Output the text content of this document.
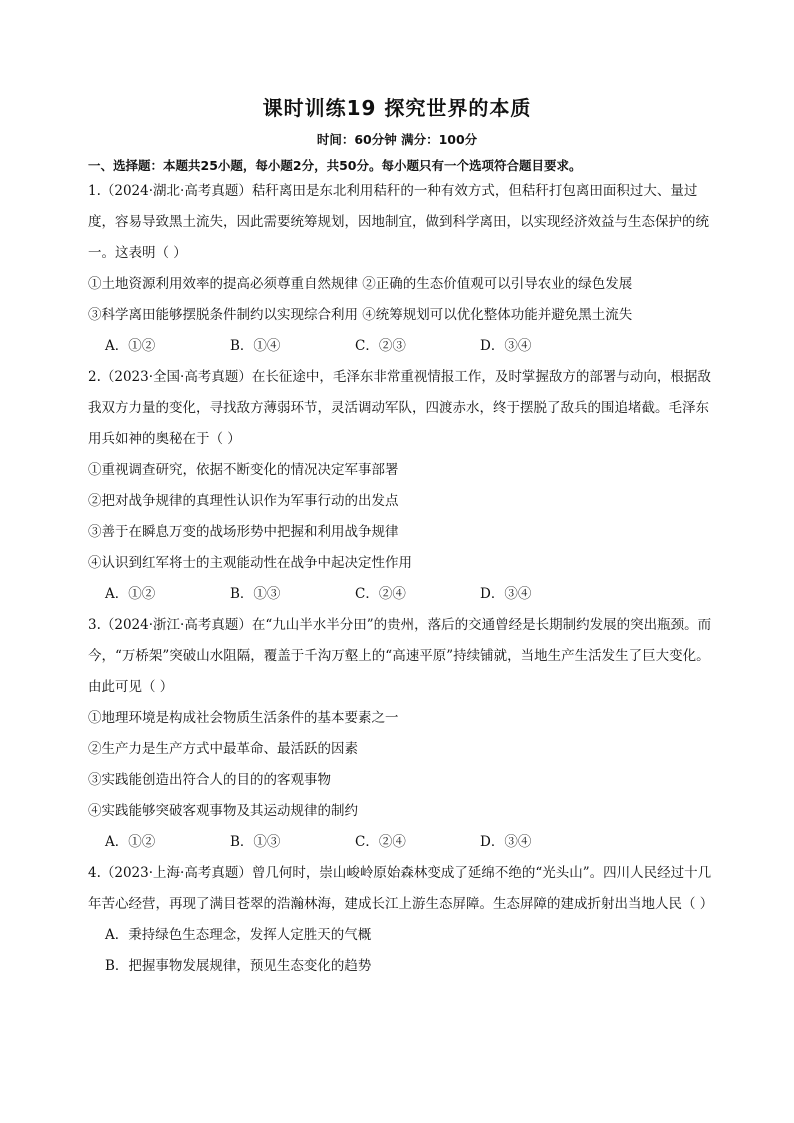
课时训练19 探究世界的本质
时间：60分钟 满分：100分
一、选择题：本题共25小题，每小题2分，共50分。每小题只有一个选项符合题目要求。

1.（2024·湖北·高考真题）秸秆离田是东北利用秸秆的一种有效方式，但秸秆打包离田面积过大、量过度，容易导致黑土流失，因此需要统筹规划，因地制宜，做到科学离田，以实现经济效益与生态保护的统一。这表明（ ）

①土地资源利用效率的提高必须尊重自然规律 ②正确的生态价值观可以引导农业的绿色发展

③科学离田能够摆脱条件制约以实现综合利用 ④统筹规划可以优化整体功能并避免黑土流失

A．①②	B．①④	C．②③	D．③④

2.（2023·全国·高考真题）在长征途中，毛泽东非常重视情报工作，及时掌握敌方的部署与动向，根据敌我双方力量的变化，寻找敌方薄弱环节，灵活调动军队，四渡赤水，终于摆脱了敌兵的围追堵截。毛泽东用兵如神的奥秘在于（ ）

①重视调查研究，依据不断变化的情况决定军事部署

②把对战争规律的真理性认识作为军事行动的出发点

③善于在瞬息万变的战场形势中把握和利用战争规律

④认识到红军将士的主观能动性在战争中起决定性作用

A．①②	B．①③	C．②④	D．③④

3.（2024·浙江·高考真题）在“九山半水半分田”的贵州，落后的交通曾经是长期制约发展的突出瓶颈。而今，“万桥架”突破山水阻隔，覆盖于千沟万壑上的“高速平原”持续铺就，当地生产生活发生了巨大变化。由此可见（ ）

①地理环境是构成社会物质生活条件的基本要素之一

②生产力是生产方式中最革命、最活跃的因素

③实践能创造出符合人的目的的客观事物

④实践能够突破客观事物及其运动规律的制约

A．①②	B．①③	C．②④	D．③④

4.（2023·上海·高考真题）曾几何时，崇山峻岭原始森林变成了延绵不绝的“光头山”。四川人民经过十几年苦心经营，再现了满目苍翠的浩瀚林海，建成长江上游生态屏障。生态屏障的建成折射出当地人民（ ）

A．秉持绿色生态理念，发挥人定胜天的气概

B．把握事物发展规律，预见生态变化的趋势
